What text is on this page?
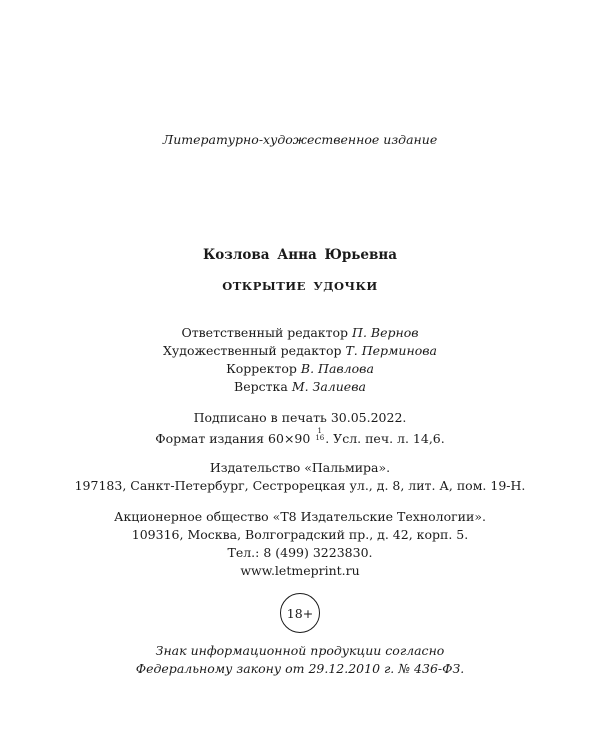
Литературно-художественное издание
Козлова Анна Юрьевна
ОТКРЫТИЕ УДОЧКИ
Ответственный редактор П. Вернов
Художественный редактор Т. Перминова
Корректор В. Павлова
Верстка М. Залиева
Подписано в печать 30.05.2022.
Формат издания 60×90	1
16 . Усл. печ. л. 14,6.
Издательство «Пальмира».
197183, Санкт-Петербург, Сестрорецкая ул., д. 8, лит. А, пом. 19-Н.
Акционерное общество «Т8 Издательские Технологии».
109316, Москва, Волгоградский пр., д. 42, корп. 5.
Тел.: 8 (499) 3223830.
www.letmeprint.ru
18+
Знак информационной продукции согласно
Федеральному закону от 29.12.2010 г. № 436-ФЗ.
